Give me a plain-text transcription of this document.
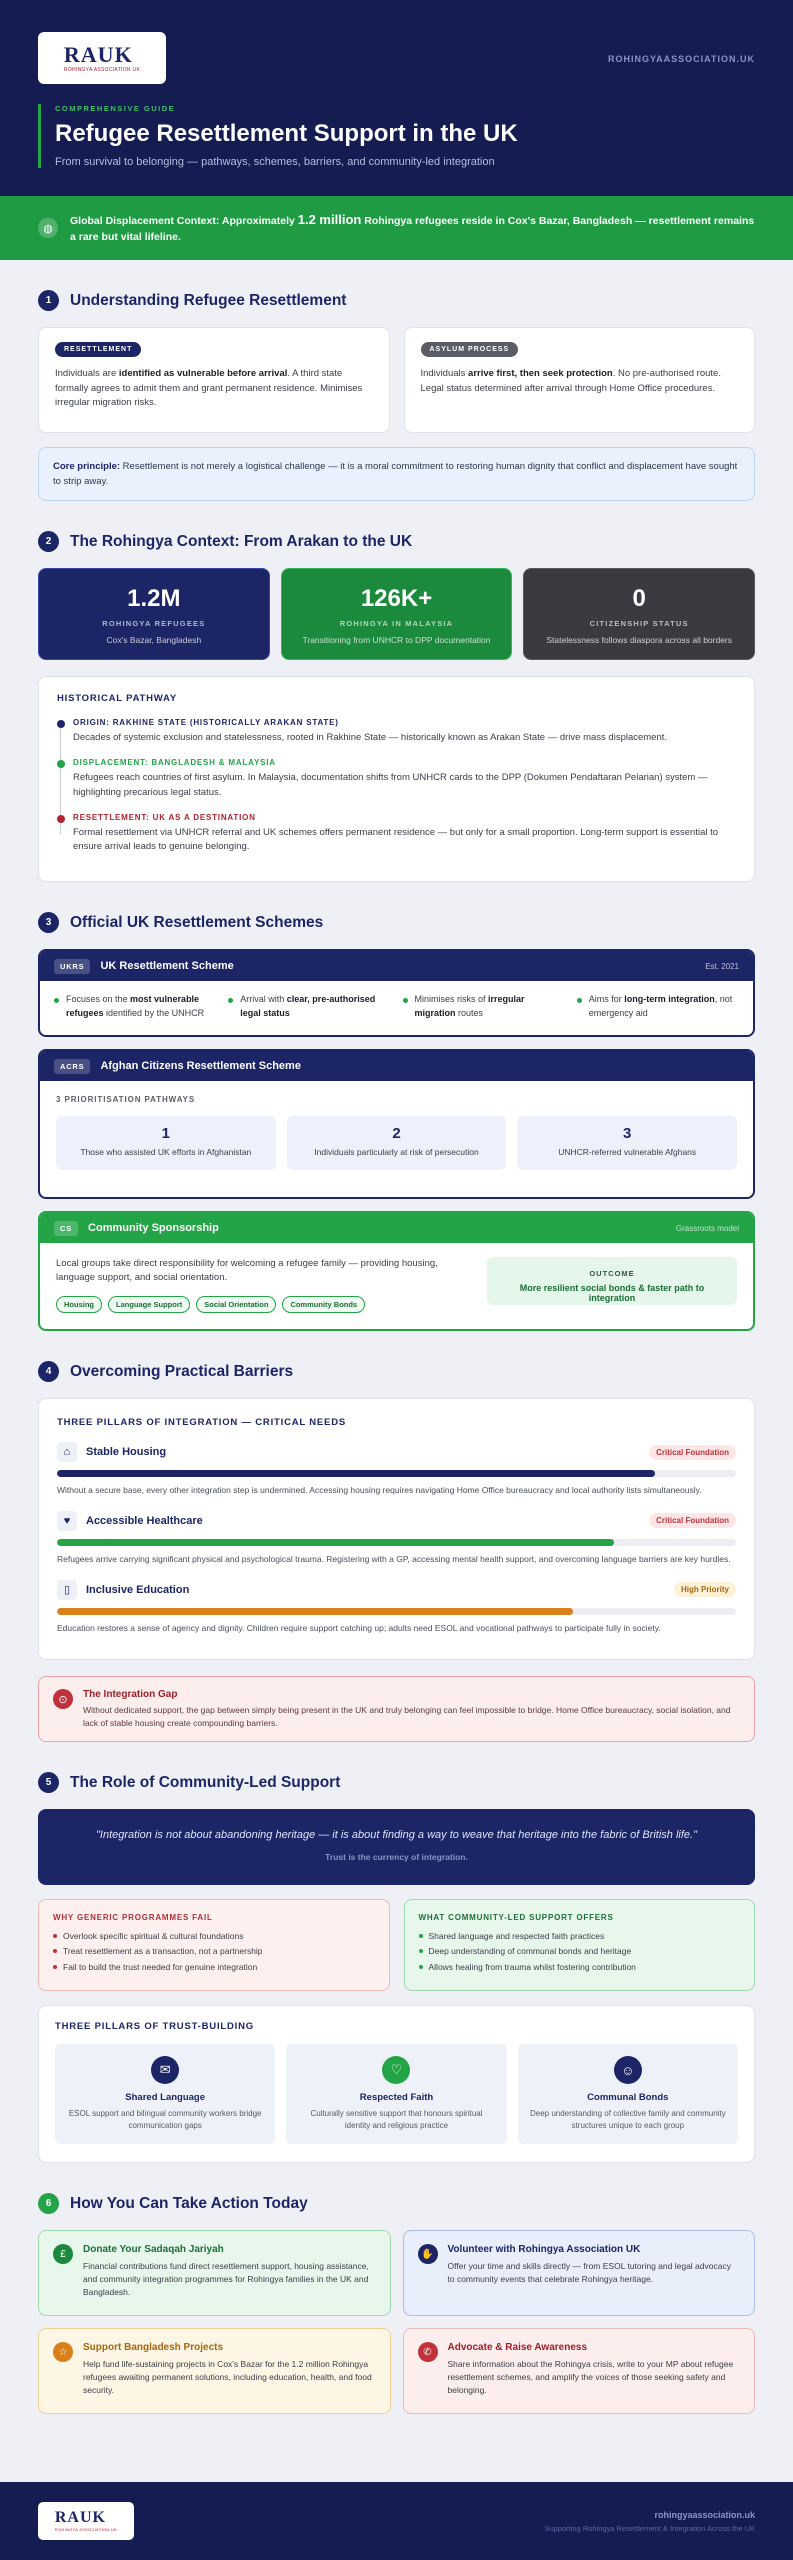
RAUK
ROHINGYA ASSOCIATION UK
ROHINGYAASSOCIATION.UK
COMPREHENSIVE GUIDE
Refugee Resettlement Support in the UK
From survival to belonging — pathways, schemes, barriers, and community-led integration
◍
Global Displacement Context: Approximately 1.2 million Rohingya refugees reside in Cox's Bazar, Bangladesh — resettlement remains a rare but vital lifeline.
1	Understanding Refugee Resettlement
RESETTLEMENT

Individuals are identified as vulnerable before arrival. A third state formally agrees to admit them and grant permanent residence. Minimises irregular migration risks.

ASYLUM PROCESS

Individuals arrive first, then seek protection. No pre-authorised route. Legal status determined after arrival through Home Office procedures.

Core principle: Resettlement is not merely a logistical challenge — it is a moral commitment to restoring human dignity that conflict and displacement have sought to strip away.
2	The Rohingya Context: From Arakan to the UK
1.2M
ROHINGYA REFUGEES
Cox's Bazar, Bangladesh
126K+
ROHINGYA IN MALAYSIA
Transitioning from UNHCR to DPP documentation
0
CITIZENSHIP STATUS
Statelessness follows diaspora across all borders
HISTORICAL PATHWAY
ORIGIN: RAKHINE STATE (HISTORICALLY ARAKAN STATE)
Decades of systemic exclusion and statelessness, rooted in Rakhine State — historically known as Arakan State — drive mass displacement.
DISPLACEMENT: BANGLADESH & MALAYSIA
Refugees reach countries of first asylum. In Malaysia, documentation shifts from UNHCR cards to the DPP (Dokumen Pendaftaran Pelarian) system — highlighting precarious legal status.
RESETTLEMENT: UK AS A DESTINATION
Formal resettlement via UNHCR referral and UK schemes offers permanent residence — but only for a small proportion. Long-term support is essential to ensure arrival leads to genuine belonging.
3	Official UK Resettlement Schemes
UKRS	UK Resettlement Scheme	Est. 2021
Focuses on the most vulnerable refugees identified by the UNHCR
Arrival with clear, pre-authorised legal status
Minimises risks of irregular migration routes
Aims for long-term integration, not emergency aid
ACRS	Afghan Citizens Resettlement Scheme
3 PRIORITISATION PATHWAYS
1
Those who assisted UK efforts in Afghanistan
2
Individuals particularly at risk of persecution
3
UNHCR-referred vulnerable Afghans
CS	Community Sponsorship	Grassroots model

Local groups take direct responsibility for welcoming a refugee family — providing housing, language support, and social orientation.

Housing	Language Support	Social Orientation	Community Bonds
OUTCOME
More resilient social bonds & faster path to integration
4	Overcoming Practical Barriers
THREE PILLARS OF INTEGRATION — CRITICAL NEEDS
⌂	Stable Housing	Critical Foundation
Without a secure base, every other integration step is undermined. Accessing housing requires navigating Home Office bureaucracy and local authority lists simultaneously.
♥	Accessible Healthcare	Critical Foundation
Refugees arrive carrying significant physical and psychological trauma. Registering with a GP, accessing mental health support, and overcoming language barriers are key hurdles.
▯	Inclusive Education	High Priority
Education restores a sense of agency and dignity. Children require support catching up; adults need ESOL and vocational pathways to participate fully in society.
⊙	The Integration Gap
Without dedicated support, the gap between simply being present in the UK and truly belonging can feel impossible to bridge. Home Office bureaucracy, social isolation, and lack of stable housing create compounding barriers.
5	The Role of Community-Led Support
"Integration is not about abandoning heritage — it is about finding a way to weave that heritage into the fabric of British life."
Trust is the currency of integration.
WHY GENERIC PROGRAMMES FAIL
Overlook specific spiritual & cultural foundations
Treat resettlement as a transaction, not a partnership
Fail to build the trust needed for genuine integration
WHAT COMMUNITY-LED SUPPORT OFFERS
Shared language and respected faith practices
Deep understanding of communal bonds and heritage
Allows healing from trauma whilst fostering contribution
THREE PILLARS OF TRUST-BUILDING
✉
Shared Language
ESOL support and bilingual community workers bridge communication gaps
♡
Respected Faith
Culturally sensitive support that honours spiritual identity and religious practice
☺
Communal Bonds
Deep understanding of collective family and community structures unique to each group
6	How You Can Take Action Today
£	Donate Your Sadaqah Jariyah
Financial contributions fund direct resettlement support, housing assistance, and community integration programmes for Rohingya families in the UK and Bangladesh.
✋	Volunteer with Rohingya Association UK
Offer your time and skills directly — from ESOL tutoring and legal advocacy to community events that celebrate Rohingya heritage.
☆	Support Bangladesh Projects
Help fund life-sustaining projects in Cox's Bazar for the 1.2 million Rohingya refugees awaiting permanent solutions, including education, health, and food security.
✆	Advocate & Raise Awareness
Share information about the Rohingya crisis, write to your MP about refugee resettlement schemes, and amplify the voices of those seeking safety and belonging.
RAUK
ROHINGYA ASSOCIATION UK
rohingyaassociation.uk
Supporting Rohingya Resettlement & Integration Across the UK
